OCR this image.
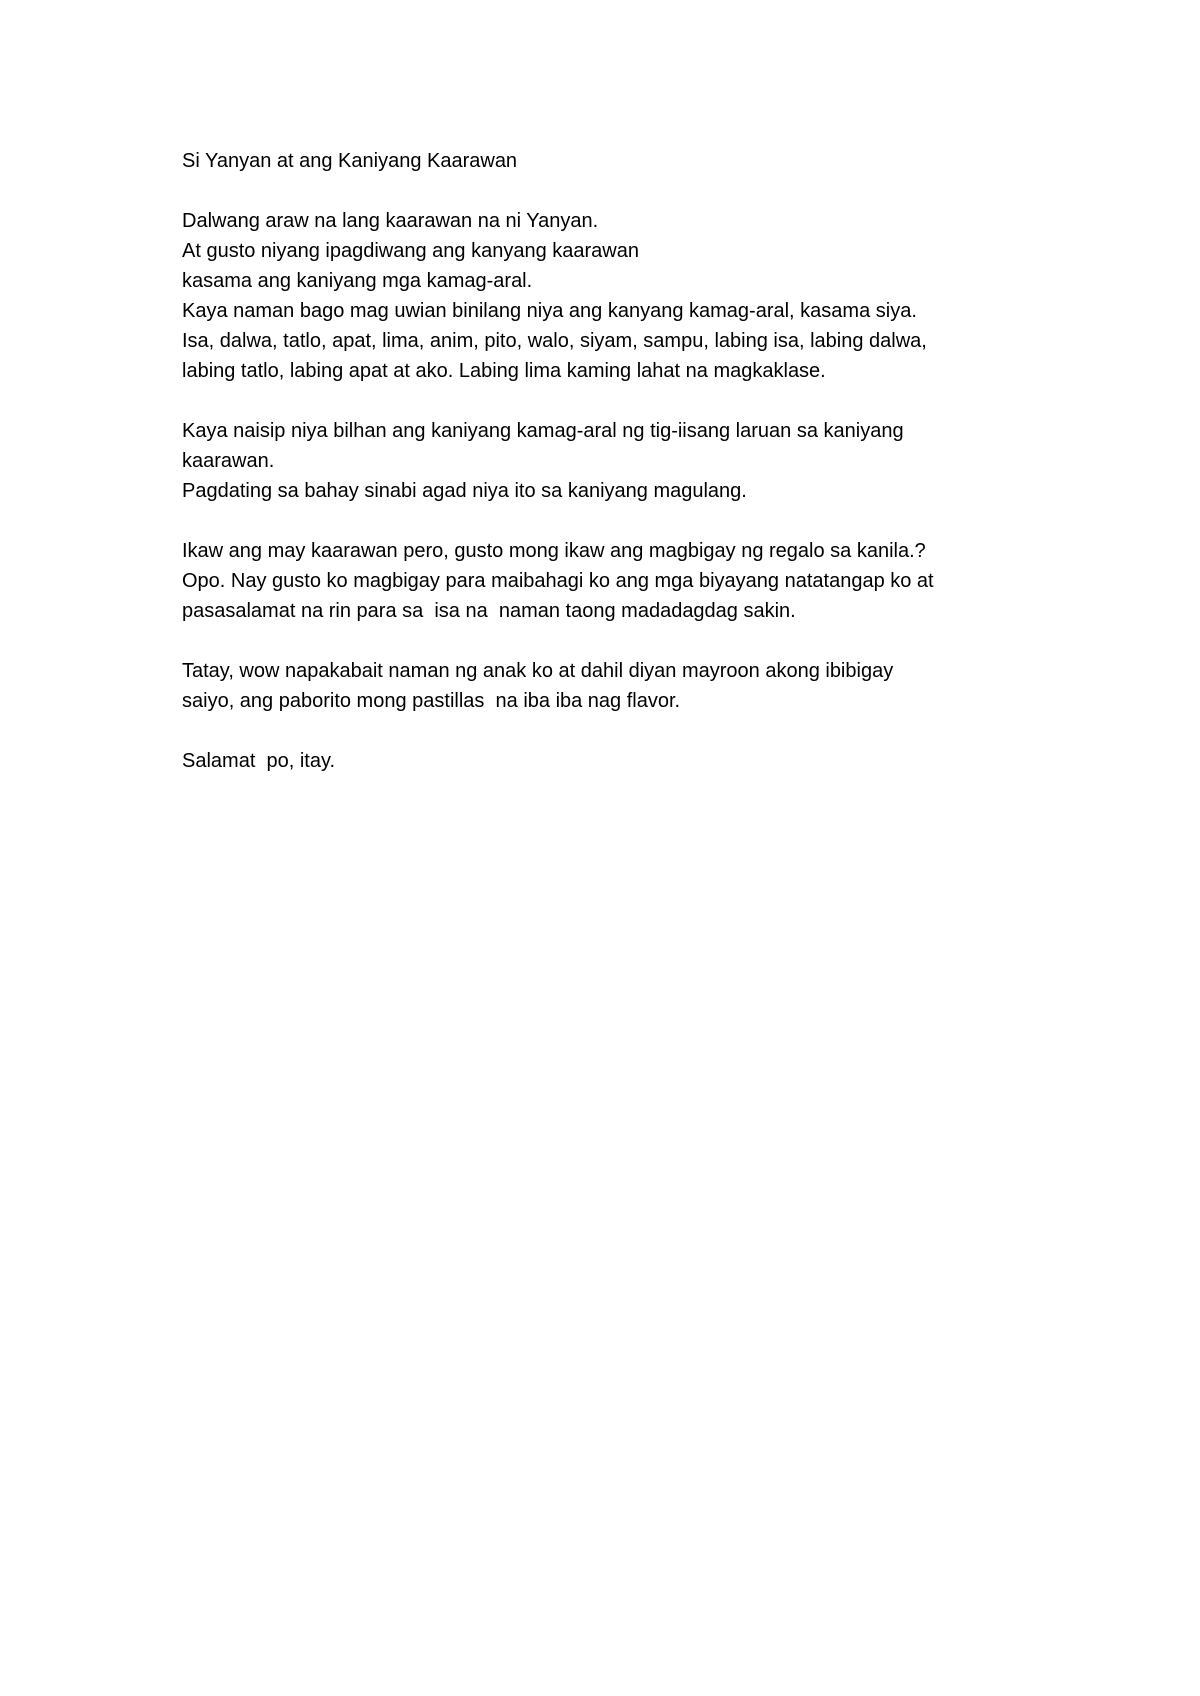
Si Yanyan at ang Kaniyang Kaarawan
Dalwang araw na lang kaarawan na ni Yanyan.
At gusto niyang ipagdiwang ang kanyang kaarawan
kasama ang kaniyang mga kamag-aral.
Kaya naman bago mag uwian binilang niya ang kanyang kamag-aral, kasama siya.
Isa, dalwa, tatlo, apat, lima, anim, pito, walo, siyam, sampu, labing isa, labing dalwa,
labing tatlo, labing apat at ako. Labing lima kaming lahat na magkaklase.
Kaya naisip niya bilhan ang kaniyang kamag-aral ng tig-iisang laruan sa kaniyang
kaarawan.
Pagdating sa bahay sinabi agad niya ito sa kaniyang magulang.
Ikaw ang may kaarawan pero, gusto mong ikaw ang magbigay ng regalo sa kanila.?
Opo. Nay gusto ko magbigay para maibahagi ko ang mga biyayang natatangap ko at
pasasalamat na rin para sa  isa na  naman taong madadagdag sakin.
Tatay, wow napakabait naman ng anak ko at dahil diyan mayroon akong ibibigay
saiyo, ang paborito mong pastillas  na iba iba nag flavor.
Salamat  po, itay.
